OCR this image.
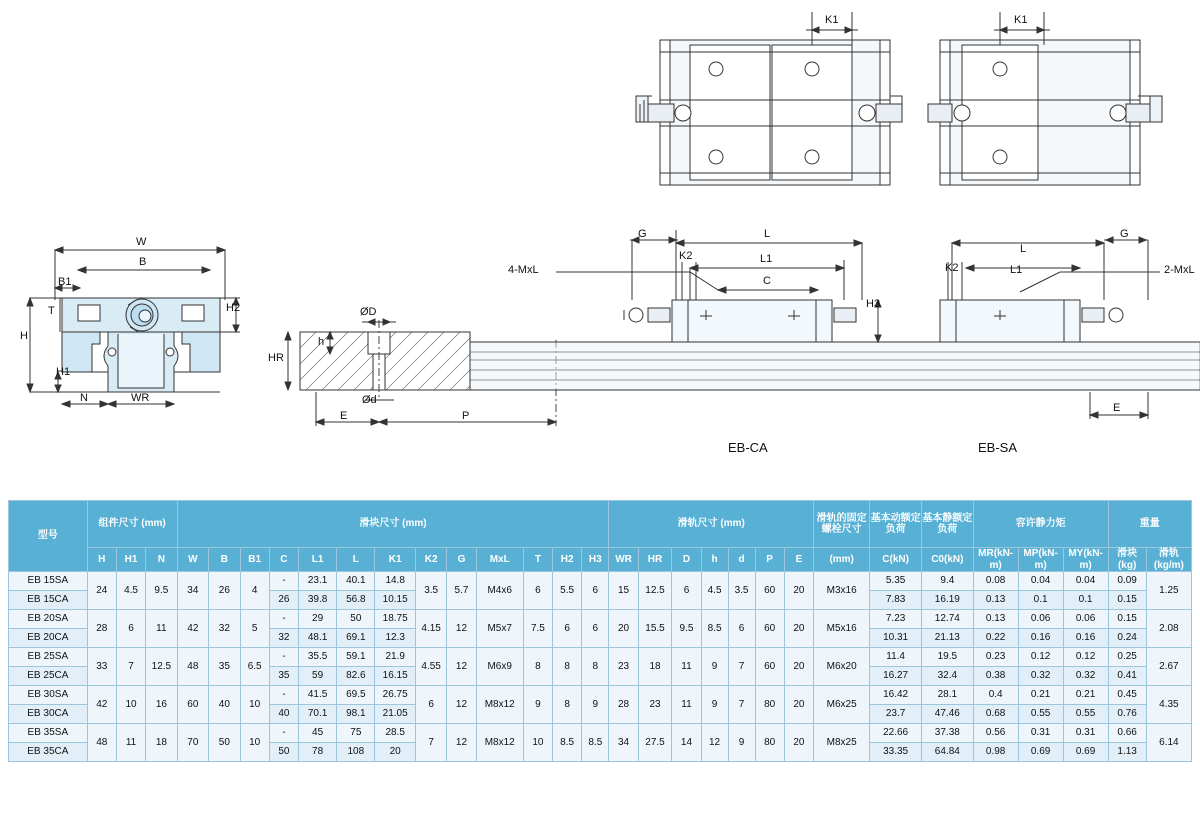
K1	K1
W
B
B1
H
H1
H2
T
N	WR
HR
h
ØD
Ød
E	P
G	L
L1
C
K2
H3
4-MxL
L
L1
K2
G
E
2-MxL
EB-CA	EB-SA
型号	组件尺寸 (mm)			滑块尺寸 (mm)													滑轨尺寸 (mm)							滑轨的固定螺栓尺寸	基本动额定负荷	基本静额定负荷	容许静力矩			重量	
	H	H1	N	W	B	B1	C	L1	L	K1	K2	G	MxL	T	H2	H3	WR	HR	D	h	d	P	E	(mm)	C(kN)	C0(kN)	MR(kN-m)	MP(kN-m)	MY(kN-m)	滑块(kg)	滑轨(kg/m)
EB 15SA	24	4.5	9.5	34	26	4	-	23.1	40.1	14.8	3.5	5.7	M4x6	6	5.5	6	15	12.5	6	4.5	3.5	60	20	M3x16	5.35	9.4	0.08	0.04	0.04	0.09	1.25
EB 15CA							26	39.8	56.8	10.15															7.83	16.19	0.13	0.1	0.1	0.15	
EB 20SA	28	6	11	42	32	5	-	29	50	18.75	4.15	12	M5x7	7.5	6	6	20	15.5	9.5	8.5	6	60	20	M5x16	7.23	12.74	0.13	0.06	0.06	0.15	2.08
EB 20CA							32	48.1	69.1	12.3															10.31	21.13	0.22	0.16	0.16	0.24	
EB 25SA	33	7	12.5	48	35	6.5	-	35.5	59.1	21.9	4.55	12	M6x9	8	8	8	23	18	11	9	7	60	20	M6x20	11.4	19.5	0.23	0.12	0.12	0.25	2.67
EB 25CA							35	59	82.6	16.15															16.27	32.4	0.38	0.32	0.32	0.41	
EB 30SA	42	10	16	60	40	10	-	41.5	69.5	26.75	6	12	M8x12	9	8	9	28	23	11	9	7	80	20	M6x25	16.42	28.1	0.4	0.21	0.21	0.45	4.35
EB 30CA							40	70.1	98.1	21.05															23.7	47.46	0.68	0.55	0.55	0.76	
EB 35SA	48	11	18	70	50	10	-	45	75	28.5	7	12	M8x12	10	8.5	8.5	34	27.5	14	12	9	80	20	M8x25	22.66	37.38	0.56	0.31	0.31	0.66	6.14
EB 35CA							50	78	108	20															33.35	64.84	0.98	0.69	0.69	1.13	
